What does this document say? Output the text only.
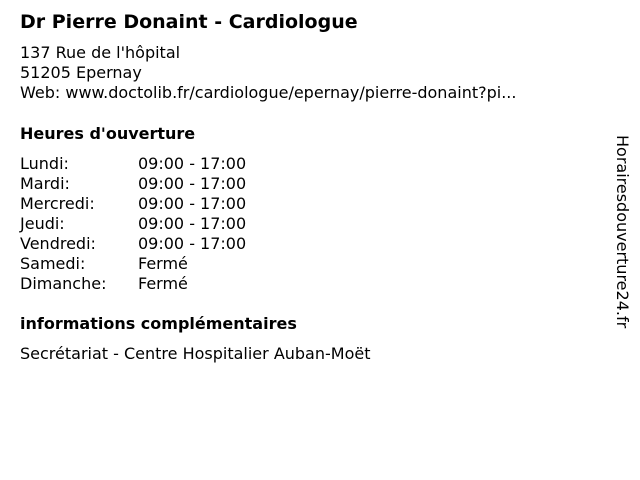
Dr Pierre Donaint - Cardiologue
137 Rue de l'hôpital
51205 Epernay
Web: www.doctolib.fr/cardiologue/epernay/pierre-donaint?pi...
Heures d'ouverture
Lundi:	09:00 - 17:00
Mardi:	09:00 - 17:00
Mercredi:	09:00 - 17:00
Jeudi:	09:00 - 17:00
Vendredi:	09:00 - 17:00
Samedi:	Fermé
Dimanche:	Fermé
informations complémentaires
Secrétariat - Centre Hospitalier Auban-Moët
Horairesdouverture24.fr
